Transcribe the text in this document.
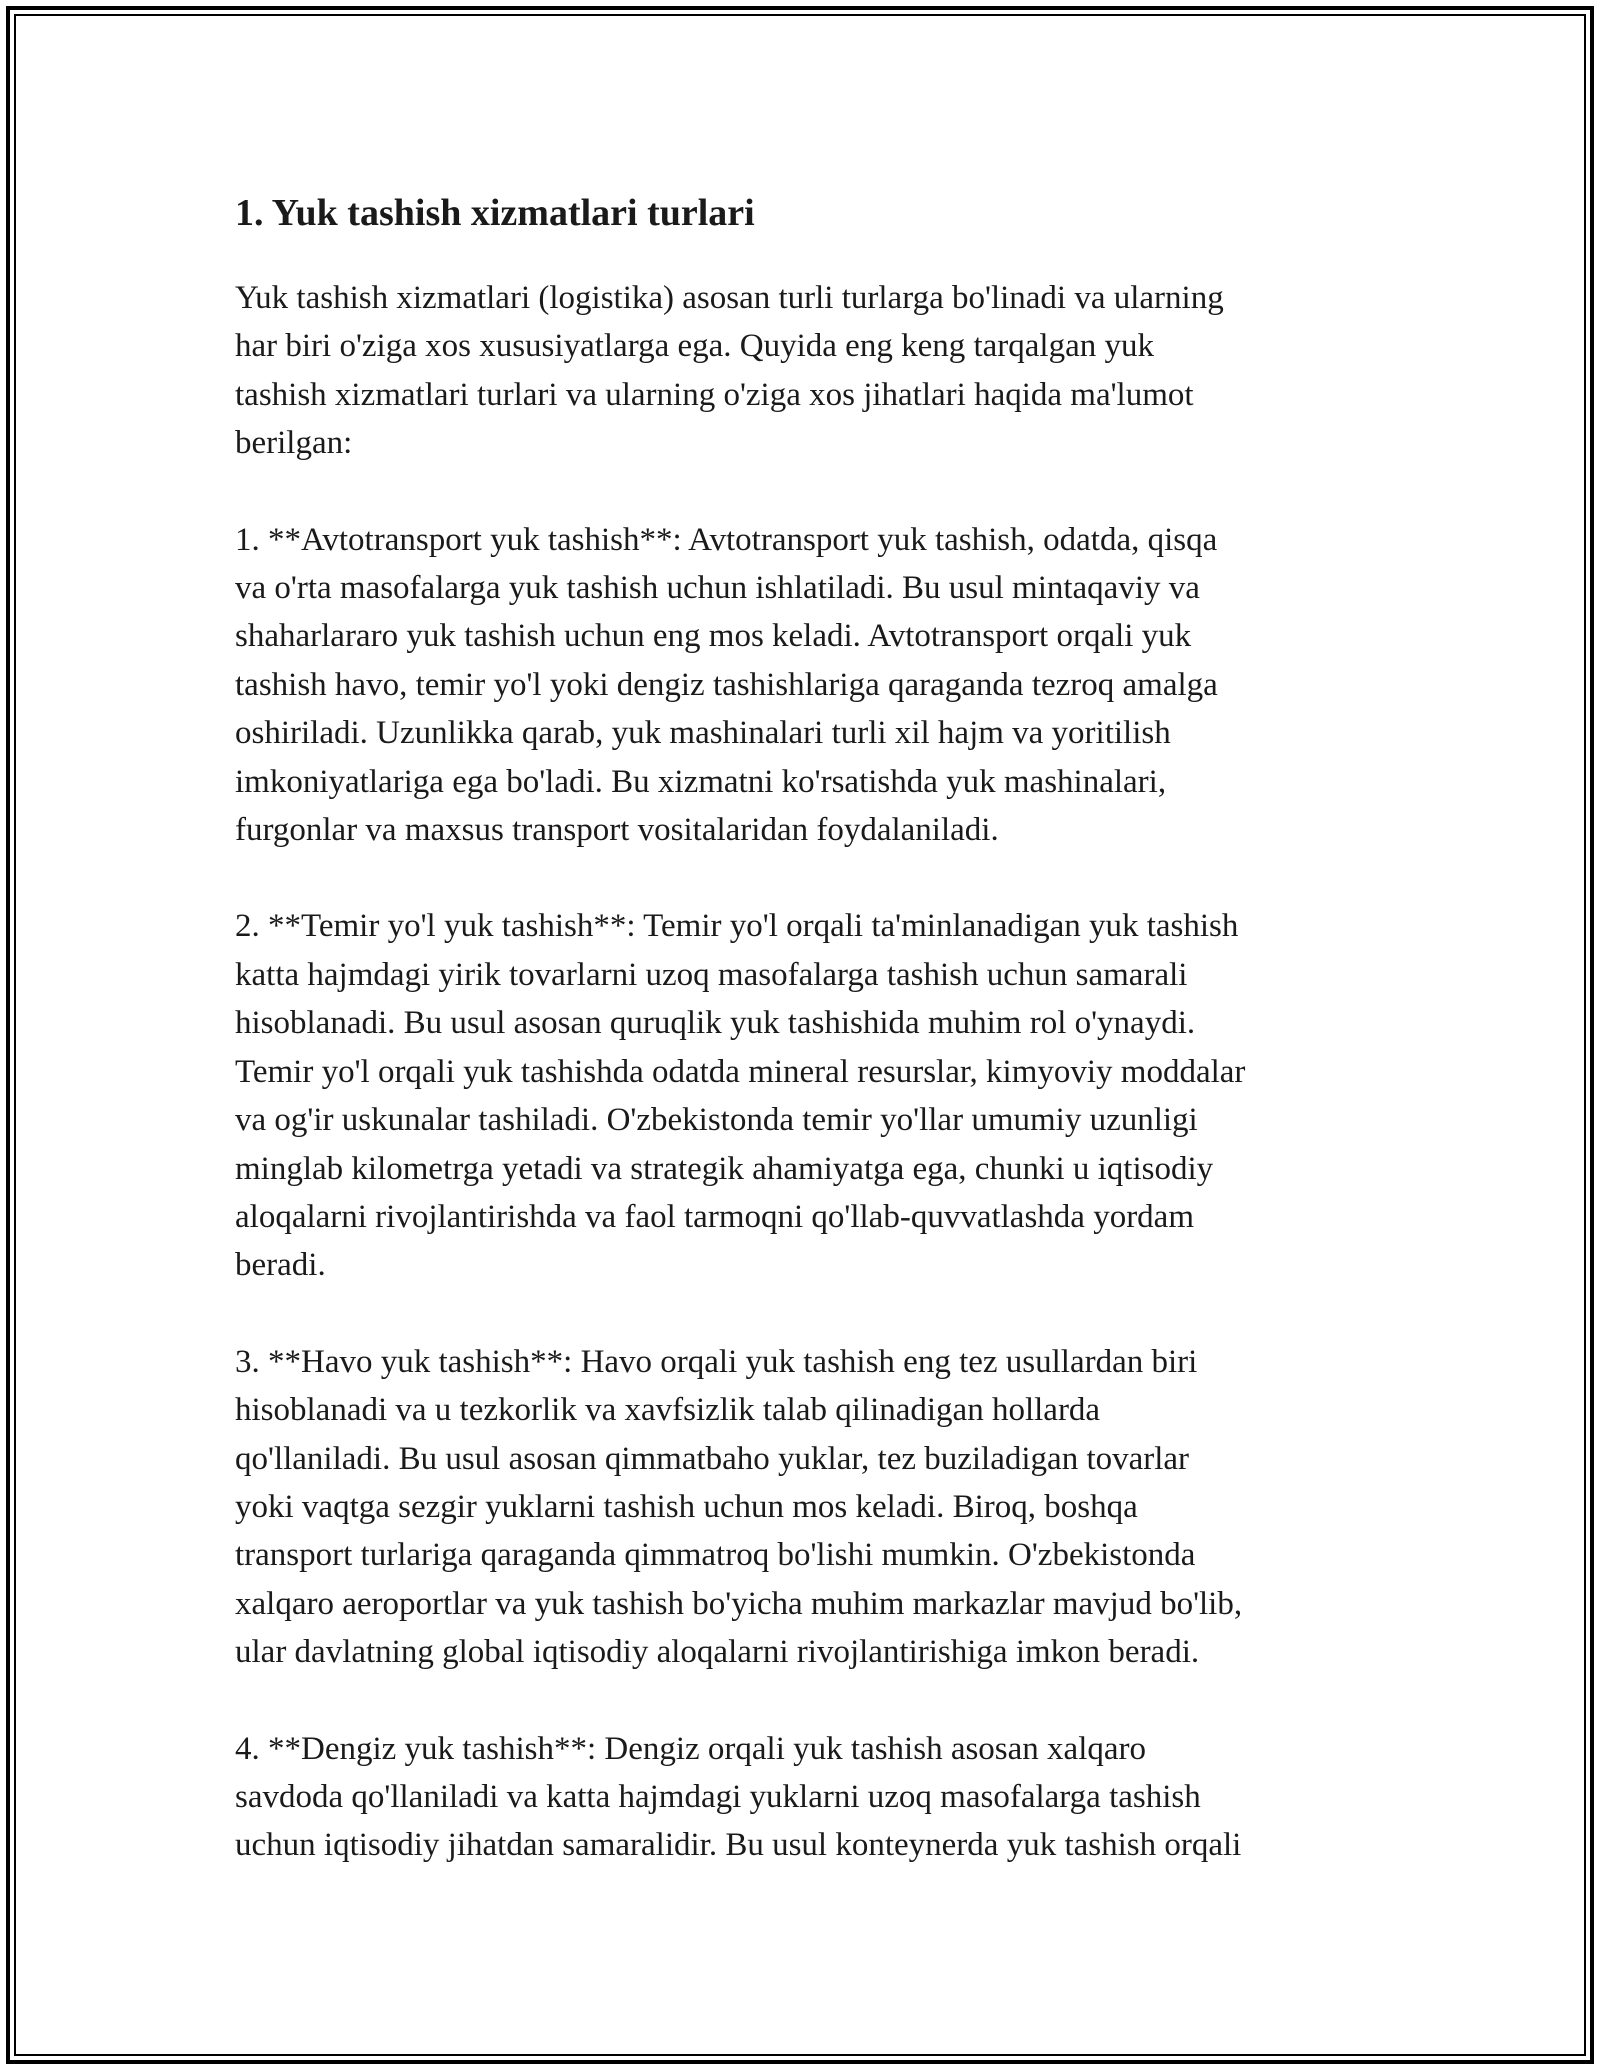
1. Yuk tashish xizmatlari turlari

Yuk tashish xizmatlari (logistika) asosan turli turlarga bo'linadi va ularning
har biri o'ziga xos xususiyatlarga ega. Quyida eng keng tarqalgan yuk
tashish xizmatlari turlari va ularning o'ziga xos jihatlari haqida ma'lumot
berilgan:

1. **Avtotransport yuk tashish**: Avtotransport yuk tashish, odatda, qisqa
va o'rta masofalarga yuk tashish uchun ishlatiladi. Bu usul mintaqaviy va
shaharlararo yuk tashish uchun eng mos keladi. Avtotransport orqali yuk
tashish havo, temir yo'l yoki dengiz tashishlariga qaraganda tezroq amalga
oshiriladi. Uzunlikka qarab, yuk mashinalari turli xil hajm va yoritilish
imkoniyatlariga ega bo'ladi. Bu xizmatni ko'rsatishda yuk mashinalari,
furgonlar va maxsus transport vositalaridan foydalaniladi.

2. **Temir yo'l yuk tashish**: Temir yo'l orqali ta'minlanadigan yuk tashish
katta hajmdagi yirik tovarlarni uzoq masofalarga tashish uchun samarali
hisoblanadi. Bu usul asosan quruqlik yuk tashishida muhim rol o'ynaydi.
Temir yo'l orqali yuk tashishda odatda mineral resurslar, kimyoviy moddalar
va og'ir uskunalar tashiladi. O'zbekistonda temir yo'llar umumiy uzunligi
minglab kilometrga yetadi va strategik ahamiyatga ega, chunki u iqtisodiy
aloqalarni rivojlantirishda va faol tarmoqni qo'llab-quvvatlashda yordam
beradi.

3. **Havo yuk tashish**: Havo orqali yuk tashish eng tez usullardan biri
hisoblanadi va u tezkorlik va xavfsizlik talab qilinadigan hollarda
qo'llaniladi. Bu usul asosan qimmatbaho yuklar, tez buziladigan tovarlar
yoki vaqtga sezgir yuklarni tashish uchun mos keladi. Biroq, boshqa
transport turlariga qaraganda qimmatroq bo'lishi mumkin. O'zbekistonda
xalqaro aeroportlar va yuk tashish bo'yicha muhim markazlar mavjud bo'lib,
ular davlatning global iqtisodiy aloqalarni rivojlantirishiga imkon beradi.

4. **Dengiz yuk tashish**: Dengiz orqali yuk tashish asosan xalqaro
savdoda qo'llaniladi va katta hajmdagi yuklarni uzoq masofalarga tashish
uchun iqtisodiy jihatdan samaralidir. Bu usul konteynerda yuk tashish orqali
